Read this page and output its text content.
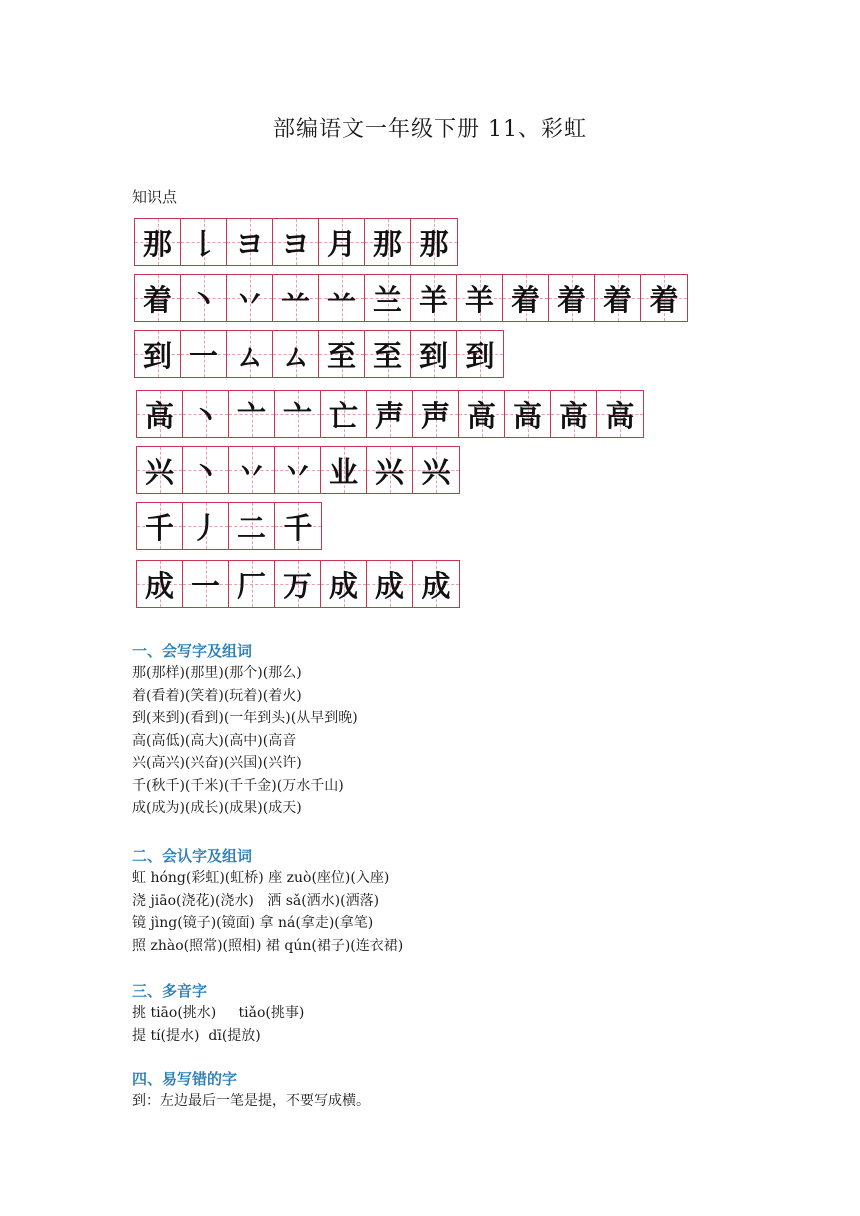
部编语文一年级下册 11、彩虹
知识点
那 𠄌 ヨ ヨ 月 那 那
着 丶 丷 䒑 䒑 兰 羊 羊 着 着 着 着
到 一 ㄙ ㄙ 至 至 到 到
高 丶 亠 亠 亡 声 声 高 高 高 高
兴 丶 丷 丷 业 兴 兴
千 丿 二 千
成 一 厂 万 成 成 成
一、会写字及组词
那(那样)(那里)(那个)(那么)
着(看着)(笑着)(玩着)(着火)
到(来到)(看到)(一年到头)(从早到晚)
高(高低)(高大)(高中)(高音
兴(高兴)(兴奋)(兴国)(兴许)
千(秋千)(千米)(千千金)(万水千山)
成(成为)(成长)(成果)(成天)
二、会认字及组词
虹 hóng(彩虹)(虹桥) 座 zuò(座位)(入座)
浇 jiāo(浇花)(浇水)   洒 sǎ(洒水)(洒落)
镜 jìng(镜子)(镜面) 拿 ná(拿走)(拿笔)
照 zhào(照常)(照相) 裙 qún(裙子)(连衣裙)
三、多音字
挑 tiāo(挑水)     tiǎo(挑事)
提 tí(提水)  dī(提放)
四、易写错的字
到：左边最后一笔是提，不要写成横。
